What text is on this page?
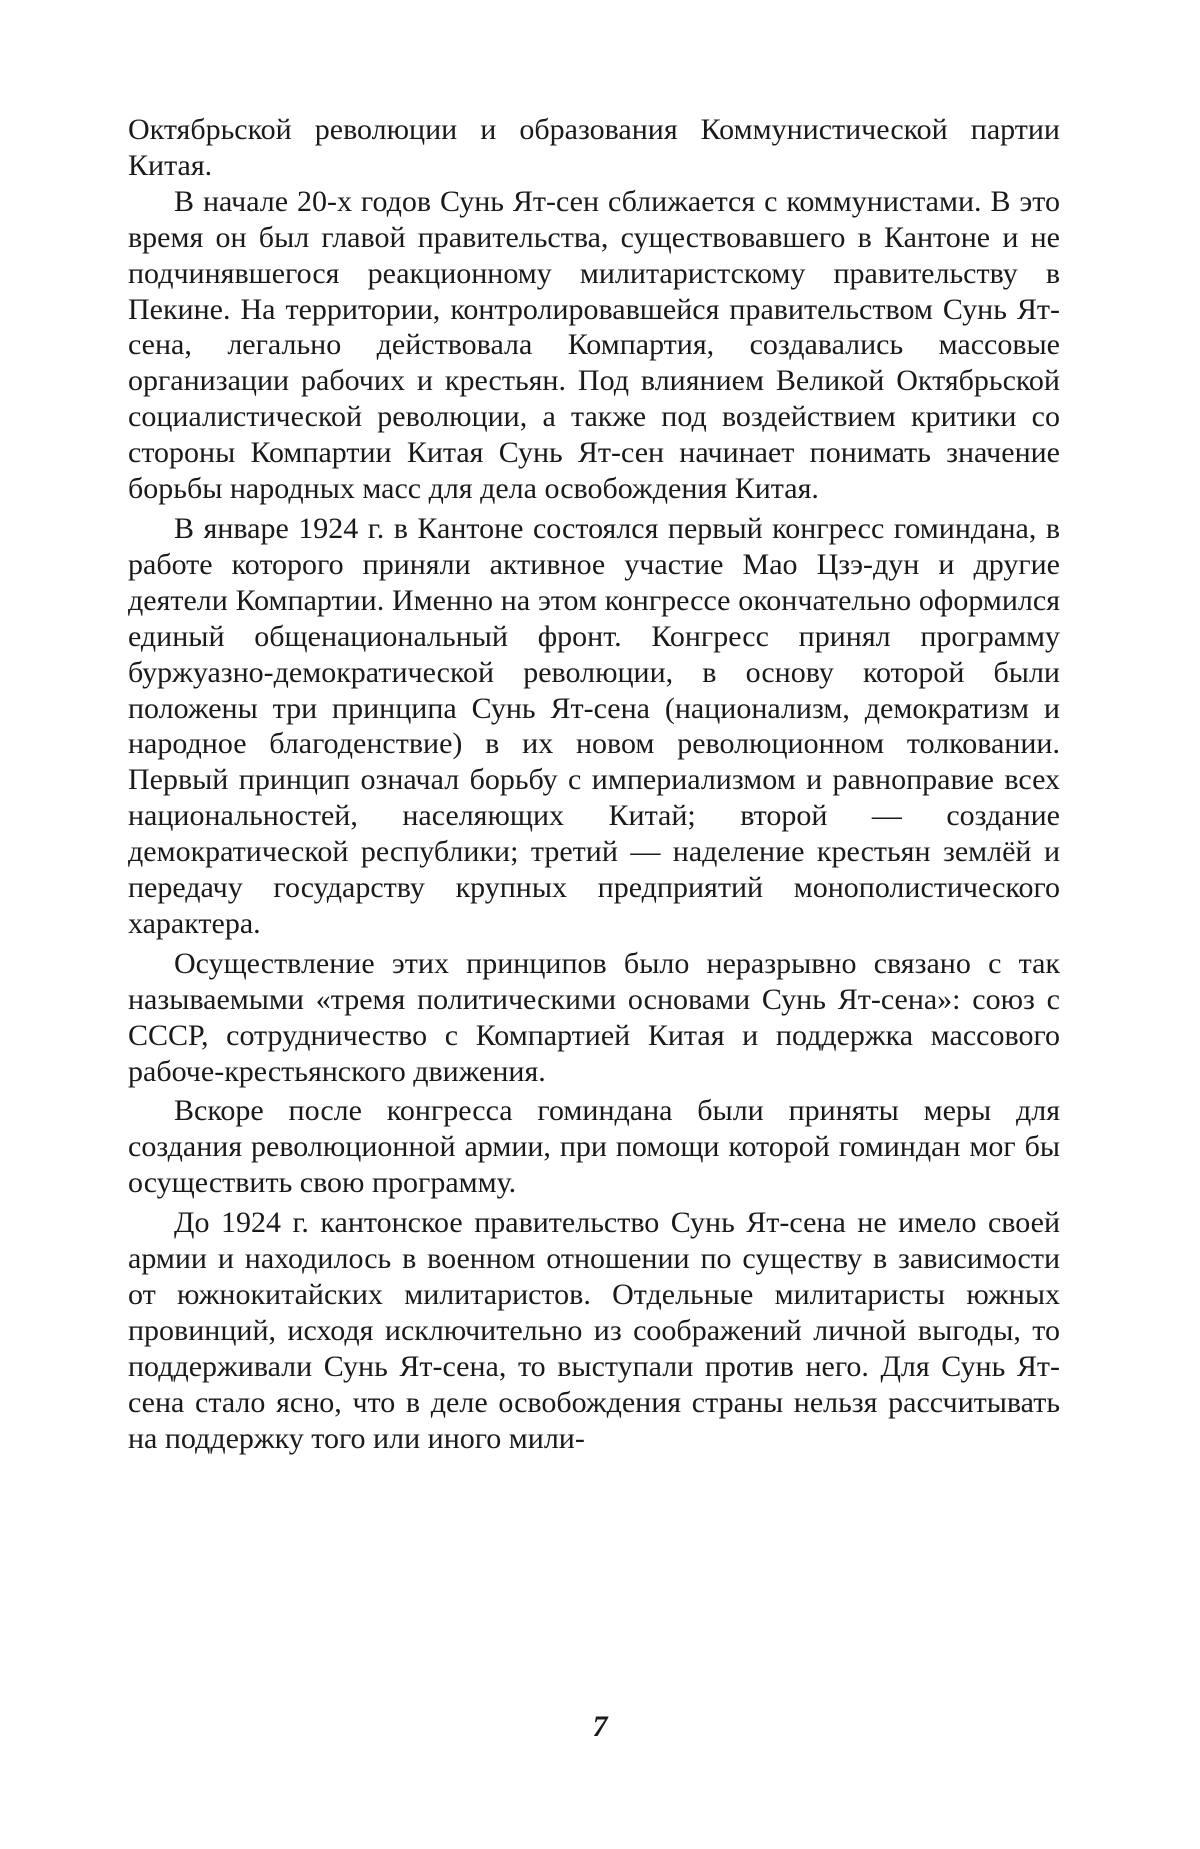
Октябрьской революции и образования Коммунистической партии Китая.

В начале 20-х годов Сунь Ят-сен сближается с коммунистами. В это время он был главой правительства, существовавшего в Кантоне и не подчинявшегося реакционному милитаристскому правительству в Пекине. На территории, контролировавшейся правительством Сунь Ят-сена, легально действовала Компартия, создавались массовые организации рабочих и крестьян. Под влиянием Великой Октябрьской социалистической революции, а также под воздействием критики со стороны Компартии Китая Сунь Ят-сен начинает понимать значение борьбы народных масс для дела освобождения Китая.

В январе 1924 г. в Кантоне состоялся первый конгресс гоминдана, в работе которого приняли активное участие Мао Цзэ-дун и другие деятели Компартии. Именно на этом конгрессе окончательно оформился единый общенациональный фронт. Конгресс принял программу буржуазно-демократической революции, в основу которой были положены три принципа Сунь Ят-сена (национализм, демократизм и народное благоденствие) в их новом революционном толковании. Первый принцип означал борьбу с империализмом и равноправие всех национальностей, населяющих Китай; второй — создание демократической республики; третий — наделение крестьян землёй и передачу государству крупных предприятий монополистического характера.

Осуществление этих принципов было неразрывно связано с так называемыми «тремя политическими основами Сунь Ят-сена»: союз с СССР, сотрудничество с Компартией Китая и поддержка массового рабоче-крестьянского движения.

Вскоре после конгресса гоминдана были приняты меры для создания революционной армии, при помощи которой гоминдан мог бы осуществить свою программу.

До 1924 г. кантонское правительство Сунь Ят-сена не имело своей армии и находилось в военном отношении по существу в зависимости от южнокитайских милитаристов. Отдельные милитаристы южных провинций, исходя исключительно из соображений личной выгоды, то поддерживали Сунь Ят-сена, то выступали против него. Для Сунь Ят-сена стало ясно, что в деле освобождения страны нельзя рассчитывать на поддержку того или иного мили-

7
